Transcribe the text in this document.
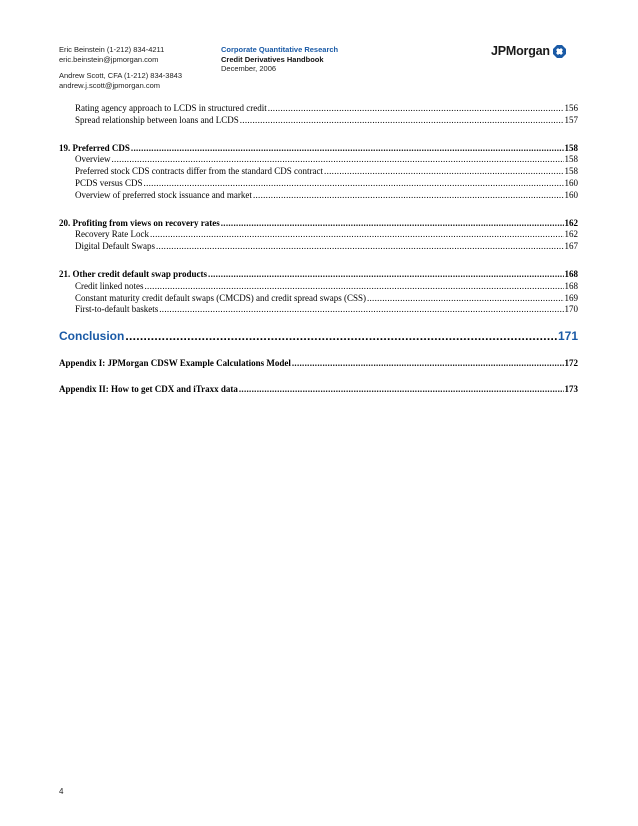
Eric Beinstein (1-212) 834-4211
eric.beinstein@jpmorgan.com
Andrew Scott, CFA (1-212) 834-3843
andrew.j.scott@jpmorgan.com
Corporate Quantitative Research
Credit Derivatives Handbook
December, 2006
JPMorgan
Rating agency approach to LCDS in structured credit .....	156
Spread relationship between loans and LCDS .....	157
19. Preferred CDS .....	158
Overview .....	158
Preferred stock CDS contracts differ from the standard CDS contract .....	158
PCDS versus CDS .....	160
Overview of preferred stock issuance and market .....	160
20. Profiting from views on recovery rates .....	162
Recovery Rate Lock .....	162
Digital Default Swaps .....	167
21. Other credit default swap products .....	168
Credit linked notes .....	168
Constant maturity credit default swaps (CMCDS) and credit spread swaps (CSS) .....	169
First-to-default baskets .....	170
Conclusion .....	171
Appendix I: JPMorgan CDSW Example Calculations Model .....	172
Appendix II: How to get CDX and iTraxx data .....	173
4
